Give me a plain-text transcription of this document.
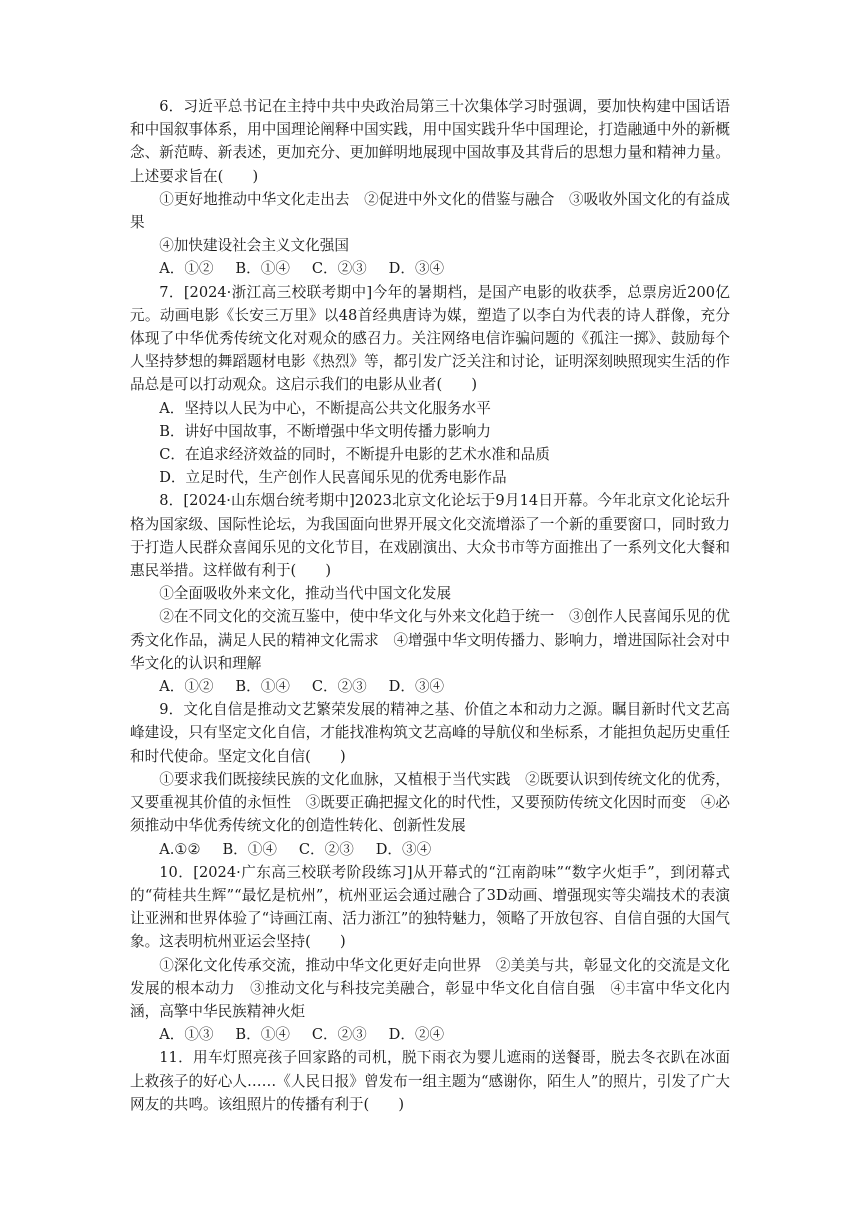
6．习近平总书记在主持中共中央政治局第三十次集体学习时强调，要加快构建中国话语和中国叙事体系，用中国理论阐释中国实践，用中国实践升华中国理论，打造融通中外的新概念、新范畴、新表述，更加充分、更加鲜明地展现中国故事及其背后的思想力量和精神力量。上述要求旨在(　　)

①更好地推动中华文化走出去　②促进中外文化的借鉴与融合　③吸收外国文化的有益成果

④加快建设社会主义文化强国

A．①② B．①④ C．②③ D．③④

7．[2024·浙江高三校联考期中]今年的暑期档，是国产电影的收获季，总票房近200亿元。动画电影《长安三万里》以48首经典唐诗为媒，塑造了以李白为代表的诗人群像，充分体现了中华优秀传统文化对观众的感召力。关注网络电信诈骗问题的《孤注一掷》、鼓励每个人坚持梦想的舞蹈题材电影《热烈》等，都引发广泛关注和讨论，证明深刻映照现实生活的作品总是可以打动观众。这启示我们的电影从业者(　　)

A．坚持以人民为中心，不断提高公共文化服务水平

B．讲好中国故事，不断增强中华文明传播力影响力

C．在追求经济效益的同时，不断提升电影的艺术水准和品质

D．立足时代，生产创作人民喜闻乐见的优秀电影作品

8．[2024·山东烟台统考期中]2023北京文化论坛于9月14日开幕。今年北京文化论坛升格为国家级、国际性论坛，为我国面向世界开展文化交流增添了一个新的重要窗口，同时致力于打造人民群众喜闻乐见的文化节目，在戏剧演出、大众书市等方面推出了一系列文化大餐和惠民举措。这样做有利于(　　)

①全面吸收外来文化，推动当代中国文化发展

②在不同文化的交流互鉴中，使中华文化与外来文化趋于统一　③创作人民喜闻乐见的优秀文化作品，满足人民的精神文化需求　④增强中华文明传播力、影响力，增进国际社会对中华文化的认识和理解

A．①② B．①④ C．②③ D．③④

9．文化自信是推动文艺繁荣发展的精神之基、价值之本和动力之源。瞩目新时代文艺高峰建设，只有坚定文化自信，才能找准构筑文艺高峰的导航仪和坐标系，才能担负起历史重任和时代使命。坚定文化自信(　　)

①要求我们既接续民族的文化血脉，又植根于当代实践　②既要认识到传统文化的优秀，又要重视其价值的永恒性　③既要正确把握文化的时代性，又要预防传统文化因时而变　④必须推动中华优秀传统文化的创造性转化、创新性发展

A.①② B．①④ C．②③ D．③④

10．[2024·广东高三校联考阶段练习]从开幕式的“江南韵味”“数字火炬手”，到闭幕式的“荷桂共生辉”“最忆是杭州”，杭州亚运会通过融合了3D动画、增强现实等尖端技术的表演让亚洲和世界体验了“诗画江南、活力浙江”的独特魅力，领略了开放包容、自信自强的大国气象。这表明杭州亚运会坚持(　　)

①深化文化传承交流，推动中华文化更好走向世界　②美美与共，彰显文化的交流是文化发展的根本动力　③推动文化与科技完美融合，彰显中华文化自信自强　④丰富中华文化内涵，高擎中华民族精神火炬

A．①③ B．①④ C．②③ D．②④

11．用车灯照亮孩子回家路的司机，脱下雨衣为婴儿遮雨的送餐哥，脱去冬衣趴在冰面上救孩子的好心人……《人民日报》曾发布一组主题为“感谢你，陌生人”的照片，引发了广大网友的共鸣。该组照片的传播有利于(　　)
